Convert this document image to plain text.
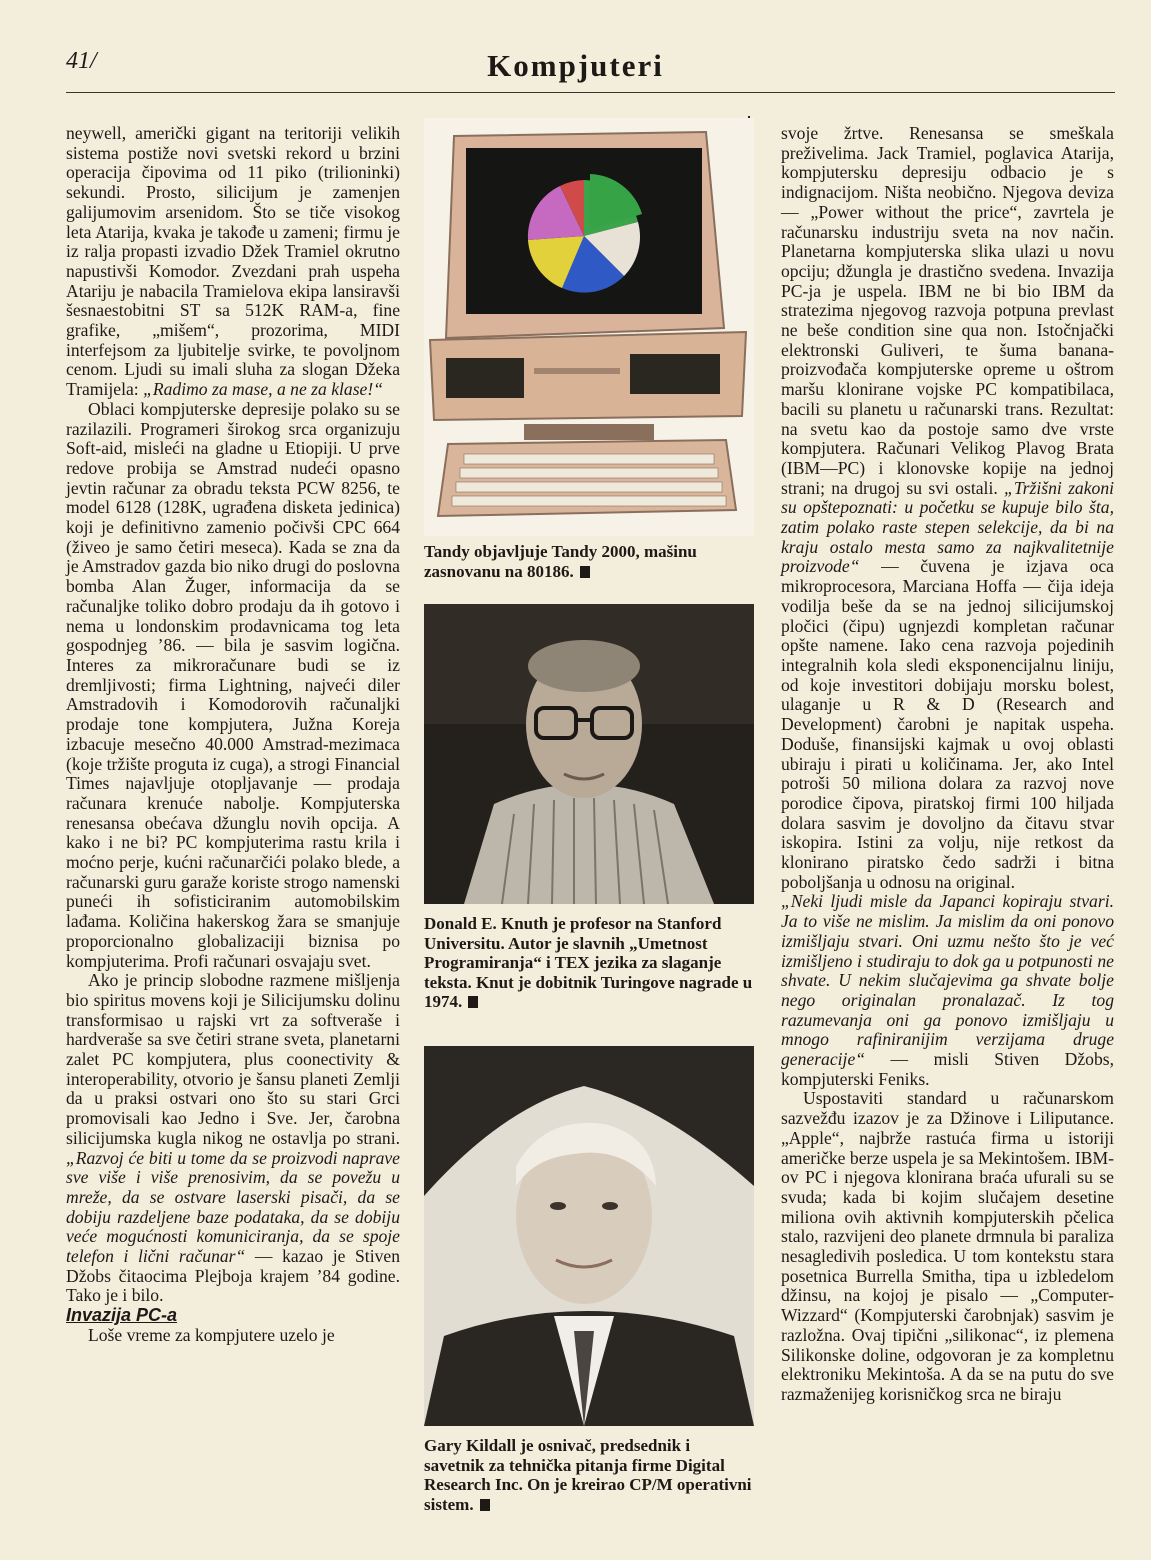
41/	Kompjuteri

neywell, američki gigant na teritoriji velikih sistema postiže novi svetski rekord u brzini operacija čipovima od 11 piko (trilioninki) sekundi. Prosto, silicijum je zamenjen galijumovim arsenidom. Što se tiče visokog leta Atarija, kvaka je takođe u zameni; firmu je iz ralja propasti izvadio Džek Tramiel okrutno napustivši Komodor. Zvezdani prah uspeha Atariju je nabacila Tramielova ekipa lansiravši šesnaestobitni ST sa 512K RAM-a, fine grafike, „mišem“, prozorima, MIDI interfejsom za ljubitelje svirke, te povoljnom cenom. Ljudi su imali sluha za slogan Džeka Tramijela: „Radimo za mase, a ne za klase!“

Oblaci kompjuterske depresije polako su se razilazili. Programeri širokog srca organizuju Soft-aid, misleći na gladne u Etiopiji. U prve redove probija se Amstrad nudeći opasno jevtin računar za obradu teksta PCW 8256, te model 6128 (128K, ugrađena disketa jedinica) koji je definitivno zamenio počivši CPC 664 (živeo je samo četiri meseca). Kada se zna da je Amstradov gazda bio niko drugi do poslovna bomba Alan Žuger, informacija da se računaljke toliko dobro prodaju da ih gotovo i nema u londonskim prodavnicama tog leta gospodnjeg ’86. — bila je sasvim logična. Interes za mikroračunare budi se iz dremljivosti; firma Lightning, najveći diler Amstradovih i Komodorovih računaljki prodaje tone kompjutera, Južna Koreja izbacuje mesečno 40.000 Amstrad-mezimaca (koje tržište proguta iz cuga), a strogi Financial Times najavljuje otopljavanje — prodaja računara krenuće nabolje. Kompjuterska renesansa obećava džunglu novih opcija. A kako i ne bi? PC kompjuterima rastu krila i moćno perje, kućni računarčići polako blede, a računarski guru garaže koriste strogo namenski puneći ih sofisticiranim automobilskim lađama. Količina hakerskog žara se smanjuje proporcionalno globalizaciji biznisa po kompjuterima. Profi računari osvajaju svet.

Ako je princip slobodne razmene mišljenja bio spiritus movens koji je Silicijumsku dolinu transformisao u rajski vrt za softveraše i hardveraše sa sve četiri strane sveta, planetarni zalet PC kompjutera, plus coonectivity & interoperability, otvorio je šansu planeti Zemlji da u praksi ostvari ono što su stari Grci promovisali kao Jedno i Sve. Jer, čarobna silicijumska kugla nikog ne ostavlja po strani. „Razvoj će biti u tome da se proizvodi naprave sve više i više prenosivim, da se povežu u mreže, da se ostvare laserski pisači, da se dobiju razdeljene baze podataka, da se dobiju veće mogućnosti komuniciranja, da se spoje telefon i lični računar“ — kazao je Stiven Džobs čitaocima Plejboja krajem ’84 godine. Tako je i bilo.

Invazija PC-a

Loše vreme za kompjutere uzelo je

Tandy objavljuje Tandy 2000, mašinu zasnovanu na 80186.
Donald E. Knuth je profesor na Stanford Universitu. Autor je slavnih „Umetnost Programiranja“ i TEX jezika za slaganje teksta. Knut je dobitnik Turingove nagrade u 1974.
Gary Kildall je osnivač, predsednik i savetnik za tehnička pitanja firme Digital Research Inc. On je kreirao CP/M operativni sistem.

svoje žrtve. Renesansa se smeškala preživelima. Jack Tramiel, poglavica Atarija, kompjutersku depresiju odbacio je s indignacijom. Ništa neobično. Njegova deviza — „Power without the price“, zavrtela je računarsku industriju sveta na nov način. Planetarna kompjuterska slika ulazi u novu opciju; džungla je drastično svedena. Invazija PC-ja je uspela. IBM ne bi bio IBM da stratezima njegovog razvoja potpuna prevlast ne beše condition sine qua non. Istočnjački elektronski Guliveri, te šuma banana-proizvođača kompjuterske opreme u oštrom maršu klonirane vojske PC kompatibilaca, bacili su planetu u računarski trans. Rezultat: na svetu kao da postoje samo dve vrste kompjutera. Računari Velikog Plavog Brata (IBM—PC) i klonovske kopije na jednoj strani; na drugoj su svi ostali. „Tržišni zakoni su opštepoznati: u početku se kupuje bilo šta, zatim polako raste stepen selekcije, da bi na kraju ostalo mesta samo za najkvalitetnije proizvode“ — čuvena je izjava oca mikroprocesora, Marciana Hoffa — čija ideja vodilja beše da se na jednoj silicijumskoj pločici (čipu) ugnjezdi kompletan računar opšte namene. Iako cena razvoja pojedinih integralnih kola sledi eksponencijalnu liniju, od koje investitori dobijaju morsku bolest, ulaganje u R & D (Research and Development) čarobni je napitak uspeha. Doduše, finansijski kajmak u ovoj oblasti ubiraju i pirati u količinama. Jer, ako Intel potroši 50 miliona dolara za razvoj nove porodice čipova, piratskoj firmi 100 hiljada dolara sasvim je dovoljno da čitavu stvar iskopira. Istini za volju, nije retkost da klonirano piratsko čedo sadrži i bitna poboljšanja u odnosu na original.

„Neki ljudi misle da Japanci kopiraju stvari. Ja to više ne mislim. Ja mislim da oni ponovo izmišljaju stvari. Oni uzmu nešto što je već izmišljeno i studiraju to dok ga u potpunosti ne shvate. U nekim slučajevima ga shvate bolje nego originalan pronalazač. Iz tog razumevanja oni ga ponovo izmišljaju u mnogo rafiniranijim verzijama druge generacije“ — misli Stiven Džobs, kompjuterski Feniks.

Uspostaviti standard u računarskom sazvežđu izazov je za Džinove i Liliputance. „Apple“, najbrže rastuća firma u istoriji američke berze uspela je sa Mekintošem. IBM-ov PC i njegova klonirana braća ufurali su se svuda; kada bi kojim slučajem desetine miliona ovih aktivnih kompjuterskih pčelica stalo, razvijeni deo planete drmnula bi paraliza nesagledivih posledica. U tom kontekstu stara posetnica Burrella Smitha, tipa u izbledelom džinsu, na kojoj je pisalo — „Computer-Wizzard“ (Kompjuterski čarobnjak) sasvim je razložna. Ovaj tipični „silikonac“, iz plemena Silikonske doline, odgovoran je za kompletnu elektroniku Mekintoša. A da se na putu do sve razmaženijeg korisničkog srca ne biraju
